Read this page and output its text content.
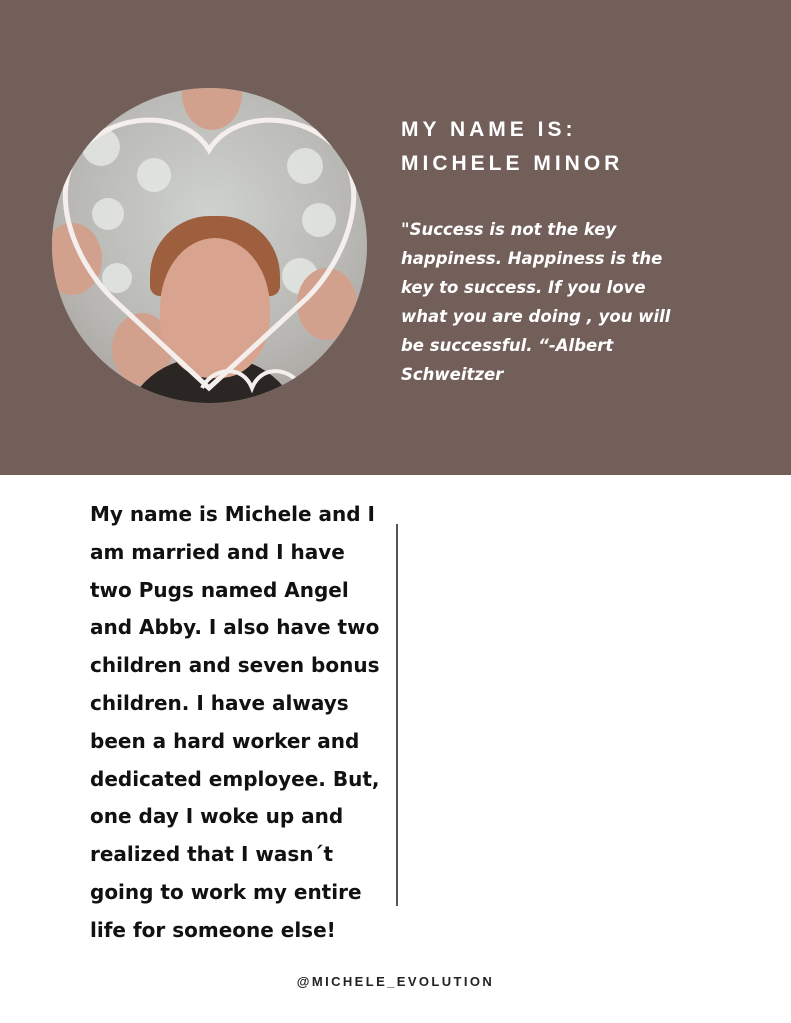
MY NAME IS:
MICHELE MINOR
"Success is not the key
happiness. Happiness is the
key to success. If you love
what you are doing , you will
be successful. “-Albert
Schweitzer
My name is Michele and I
am married and I have
two Pugs named Angel
and Abby. I also have two
children and seven bonus
children. I have always
been a hard worker and
dedicated employee. But,
one day I woke up and
realized that I wasn´t
going to work my entire
life for someone else!
@MICHELE_EVOLUTION
